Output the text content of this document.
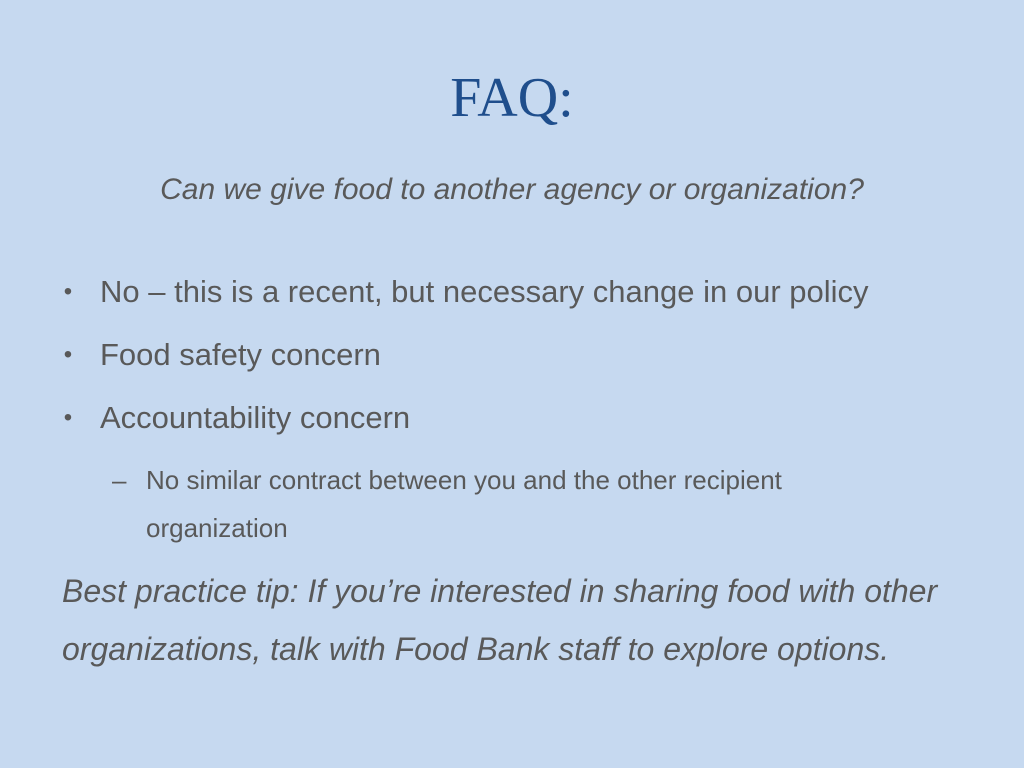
FAQ:
Can we give food to another agency or organization?
• No – this is a recent, but necessary change in our policy
• Food safety concern
• Accountability concern
– No similar contract between you and the other recipient organization
Best practice tip: If you’re interested in sharing food with other organizations, talk with Food Bank staff to explore options.
